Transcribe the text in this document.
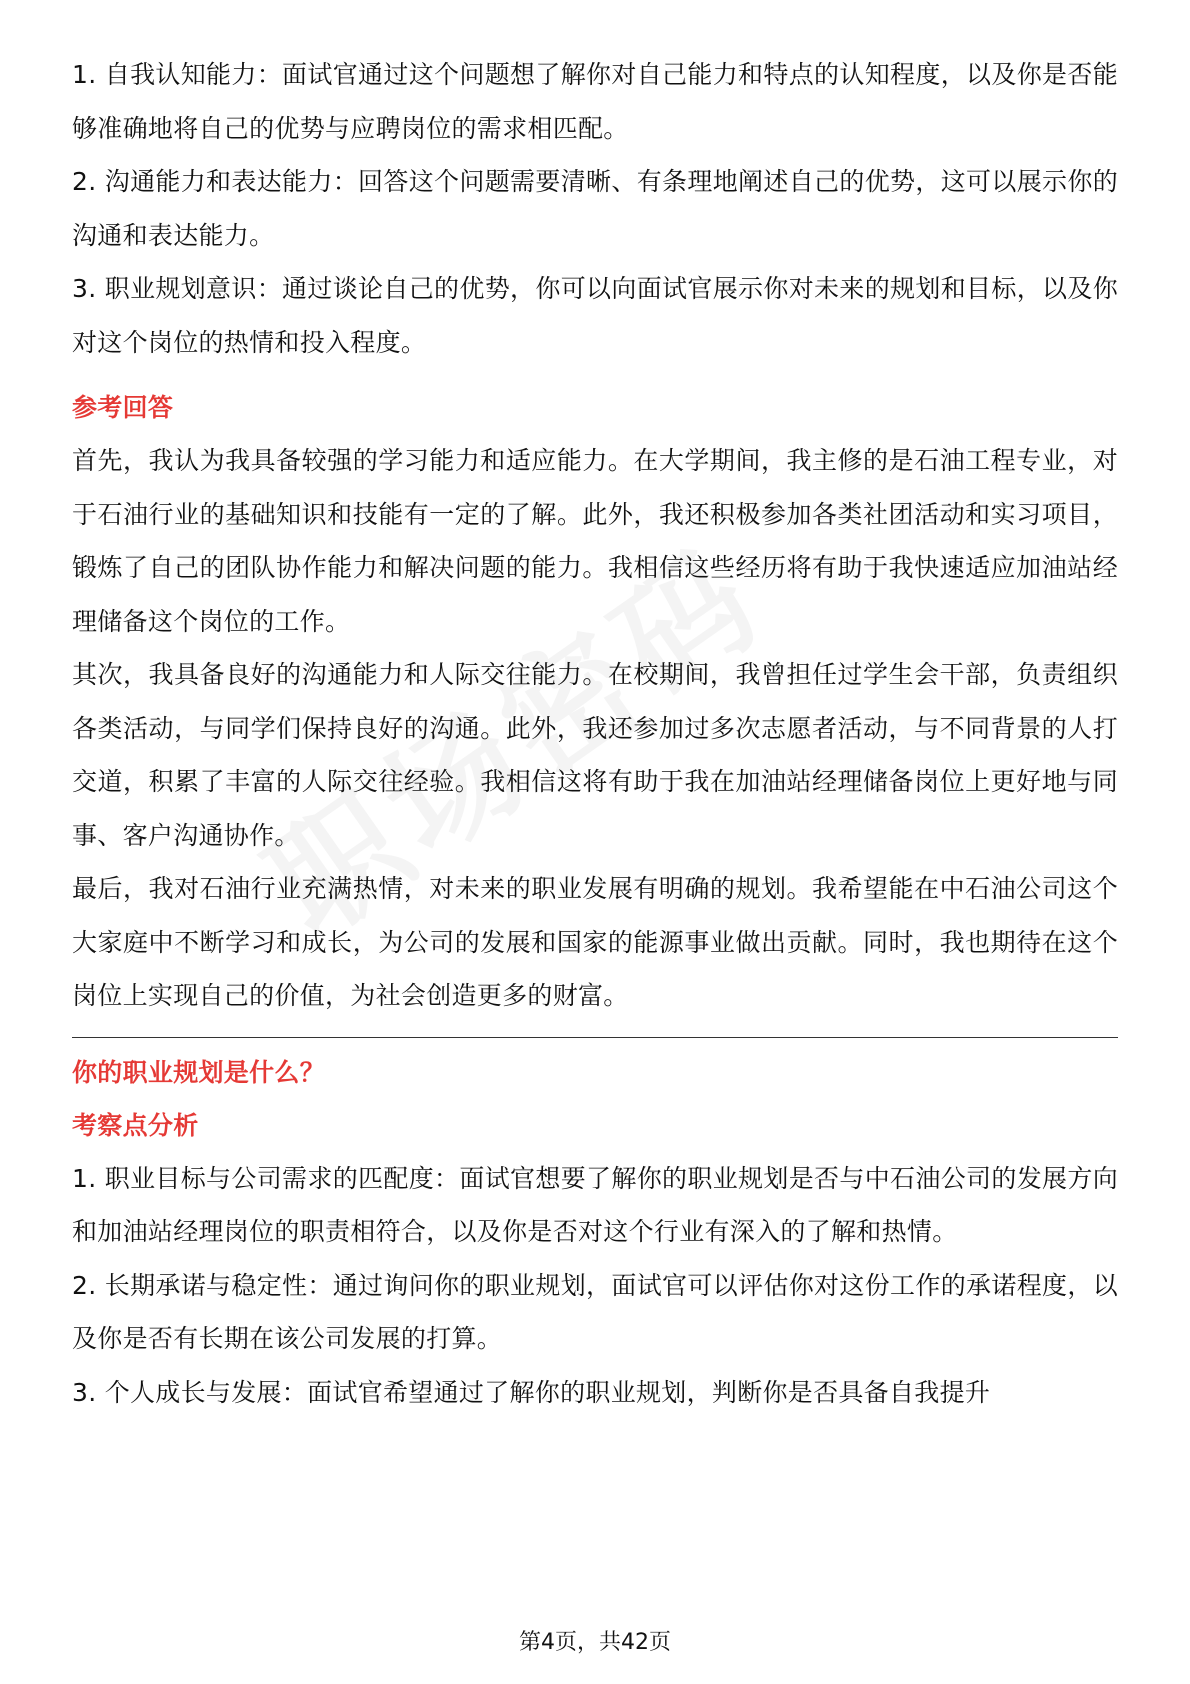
1. 自我认知能力：面试官通过这个问题想了解你对自己能力和特点的认知程度，以及你是否能够准确地将自己的优势与应聘岗位的需求相匹配。

2. 沟通能力和表达能力：回答这个问题需要清晰、有条理地阐述自己的优势，这可以展示你的沟通和表达能力。

3. 职业规划意识：通过谈论自己的优势，你可以向面试官展示你对未来的规划和目标，以及你对这个岗位的热情和投入程度。

参考回答

首先，我认为我具备较强的学习能力和适应能力。在大学期间，我主修的是石油工程专业，对于石油行业的基础知识和技能有一定的了解。此外，我还积极参加各类社团活动和实习项目，锻炼了自己的团队协作能力和解决问题的能力。我相信这些经历将有助于我快速适应加油站经理储备这个岗位的工作。

其次，我具备良好的沟通能力和人际交往能力。在校期间，我曾担任过学生会干部，负责组织各类活动，与同学们保持良好的沟通。此外，我还参加过多次志愿者活动，与不同背景的人打交道，积累了丰富的人际交往经验。我相信这将有助于我在加油站经理储备岗位上更好地与同事、客户沟通协作。

最后，我对石油行业充满热情，对未来的职业发展有明确的规划。我希望能在中石油公司这个大家庭中不断学习和成长，为公司的发展和国家的能源事业做出贡献。同时，我也期待在这个岗位上实现自己的价值，为社会创造更多的财富。

你的职业规划是什么？

考察点分析

1. 职业目标与公司需求的匹配度：面试官想要了解你的职业规划是否与中石油公司的发展方向和加油站经理岗位的职责相符合，以及你是否对这个行业有深入的了解和热情。

2. 长期承诺与稳定性：通过询问你的职业规划，面试官可以评估你对这份工作的承诺程度，以及你是否有长期在该公司发展的打算。

3. 个人成长与发展：面试官希望通过了解你的职业规划，判断你是否具备自我提升

第4页，共42页
